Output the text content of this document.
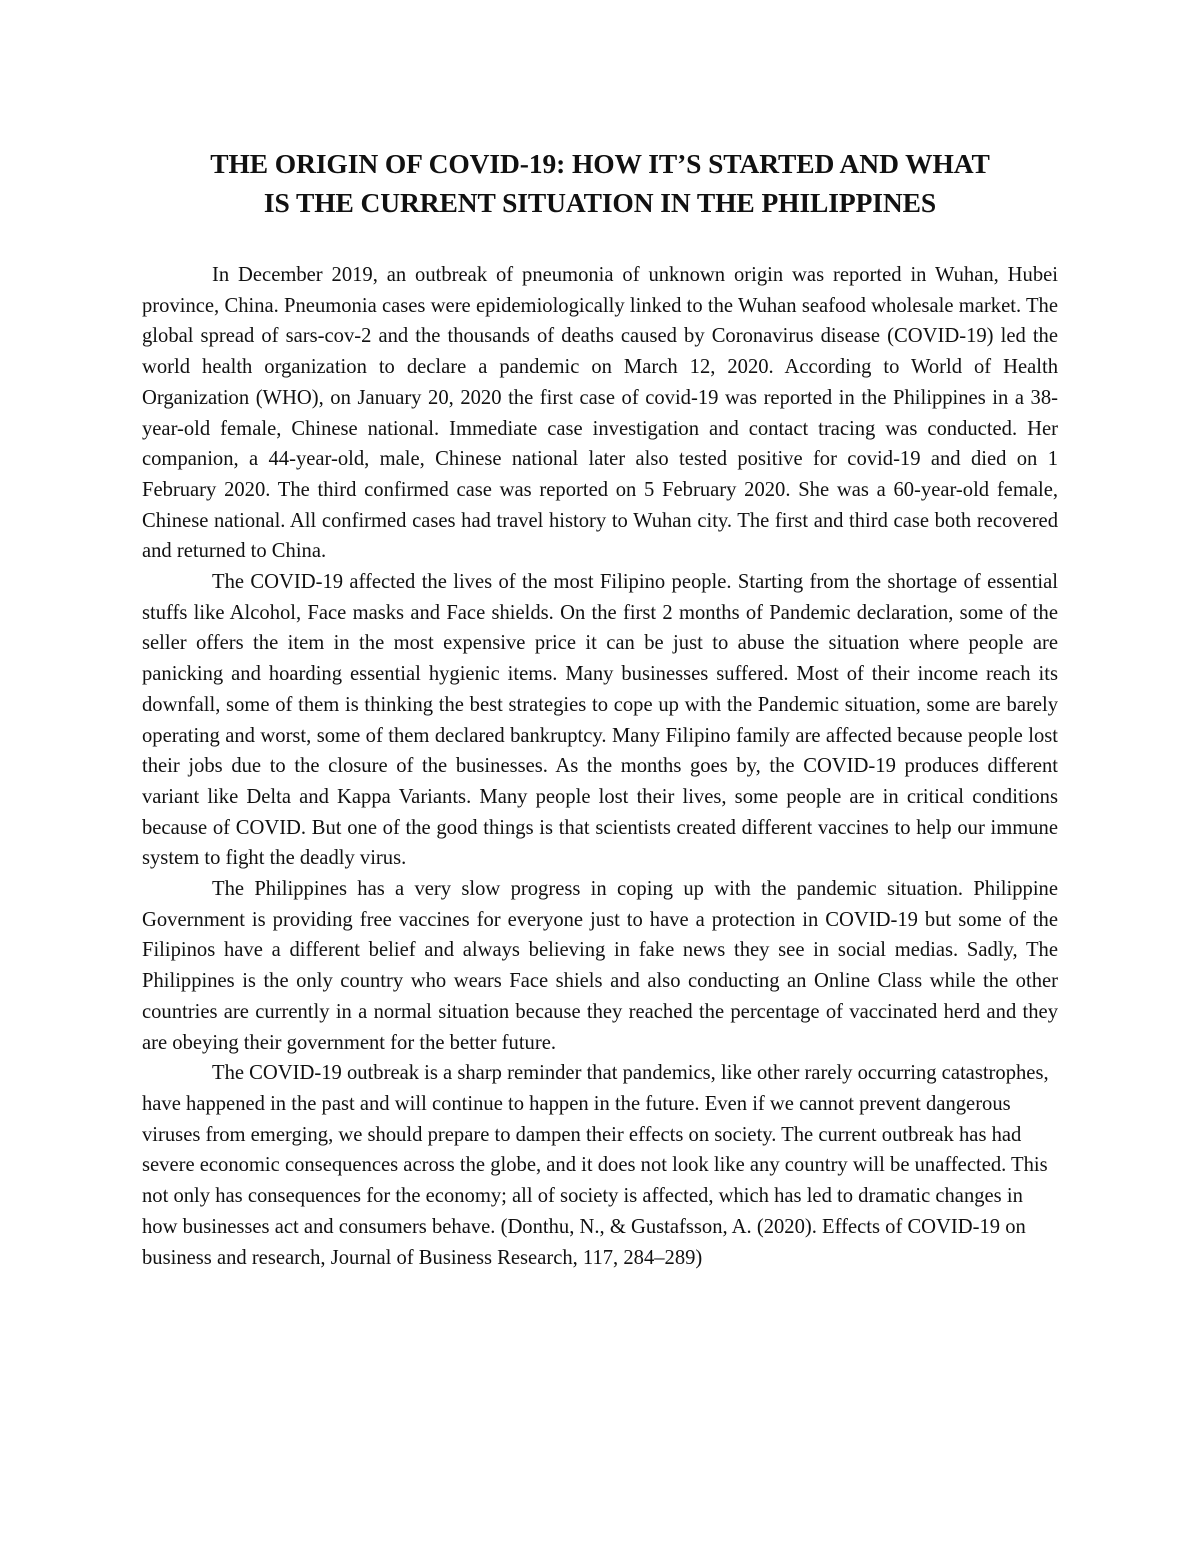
THE ORIGIN OF COVID-19: HOW IT’S STARTED AND WHAT
IS THE CURRENT SITUATION IN THE PHILIPPINES

In December 2019, an outbreak of pneumonia of unknown origin was reported in Wuhan, Hubei province, China. Pneumonia cases were epidemiologically linked to the Wuhan seafood wholesale market. The global spread of sars-cov-2 and the thousands of deaths caused by Coronavirus disease (COVID-19) led the world health organization to declare a pandemic on March 12, 2020. According to World of Health Organization (WHO), on January 20, 2020 the first case of covid-19 was reported in the Philippines in a 38-year-old female, Chinese national. Immediate case investigation and contact tracing was conducted. Her companion, a 44-year-old, male, Chinese national later also tested positive for covid-19 and died on 1 February 2020. The third confirmed case was reported on 5 February 2020. She was a 60-year-old female, Chinese national. All confirmed cases had travel history to Wuhan city. The first and third case both recovered and returned to China.

The COVID-19 affected the lives of the most Filipino people. Starting from the shortage of essential stuffs like Alcohol, Face masks and Face shields. On the first 2 months of Pandemic declaration, some of the seller offers the item in the most expensive price it can be just to abuse the situation where people are panicking and hoarding essential hygienic items. Many businesses suffered. Most of their income reach its downfall, some of them is thinking the best strategies to cope up with the Pandemic situation, some are barely operating and worst, some of them declared bankruptcy. Many Filipino family are affected because people lost their jobs due to the closure of the businesses. As the months goes by, the COVID-19 produces different variant like Delta and Kappa Variants. Many people lost their lives, some people are in critical conditions because of COVID. But one of the good things is that scientists created different vaccines to help our immune system to fight the deadly virus.

The Philippines has a very slow progress in coping up with the pandemic situation. Philippine Government is providing free vaccines for everyone just to have a protection in COVID-19 but some of the Filipinos have a different belief and always believing in fake news they see in social medias. Sadly, The Philippines is the only country who wears Face shiels and also conducting an Online Class while the other countries are currently in a normal situation because they reached the percentage of vaccinated herd and they are obeying their government for the better future.

The COVID-19 outbreak is a sharp reminder that pandemics, like other rarely occurring catastrophes, have happened in the past and will continue to happen in the future. Even if we cannot prevent dangerous viruses from emerging, we should prepare to dampen their effects on society. The current outbreak has had severe economic consequences across the globe, and it does not look like any country will be unaffected. This not only has consequences for the economy; all of society is affected, which has led to dramatic changes in how businesses act and consumers behave. (Donthu, N., & Gustafsson, A. (2020). Effects of COVID-19 on business and research, Journal of Business Research, 117, 284–289)
